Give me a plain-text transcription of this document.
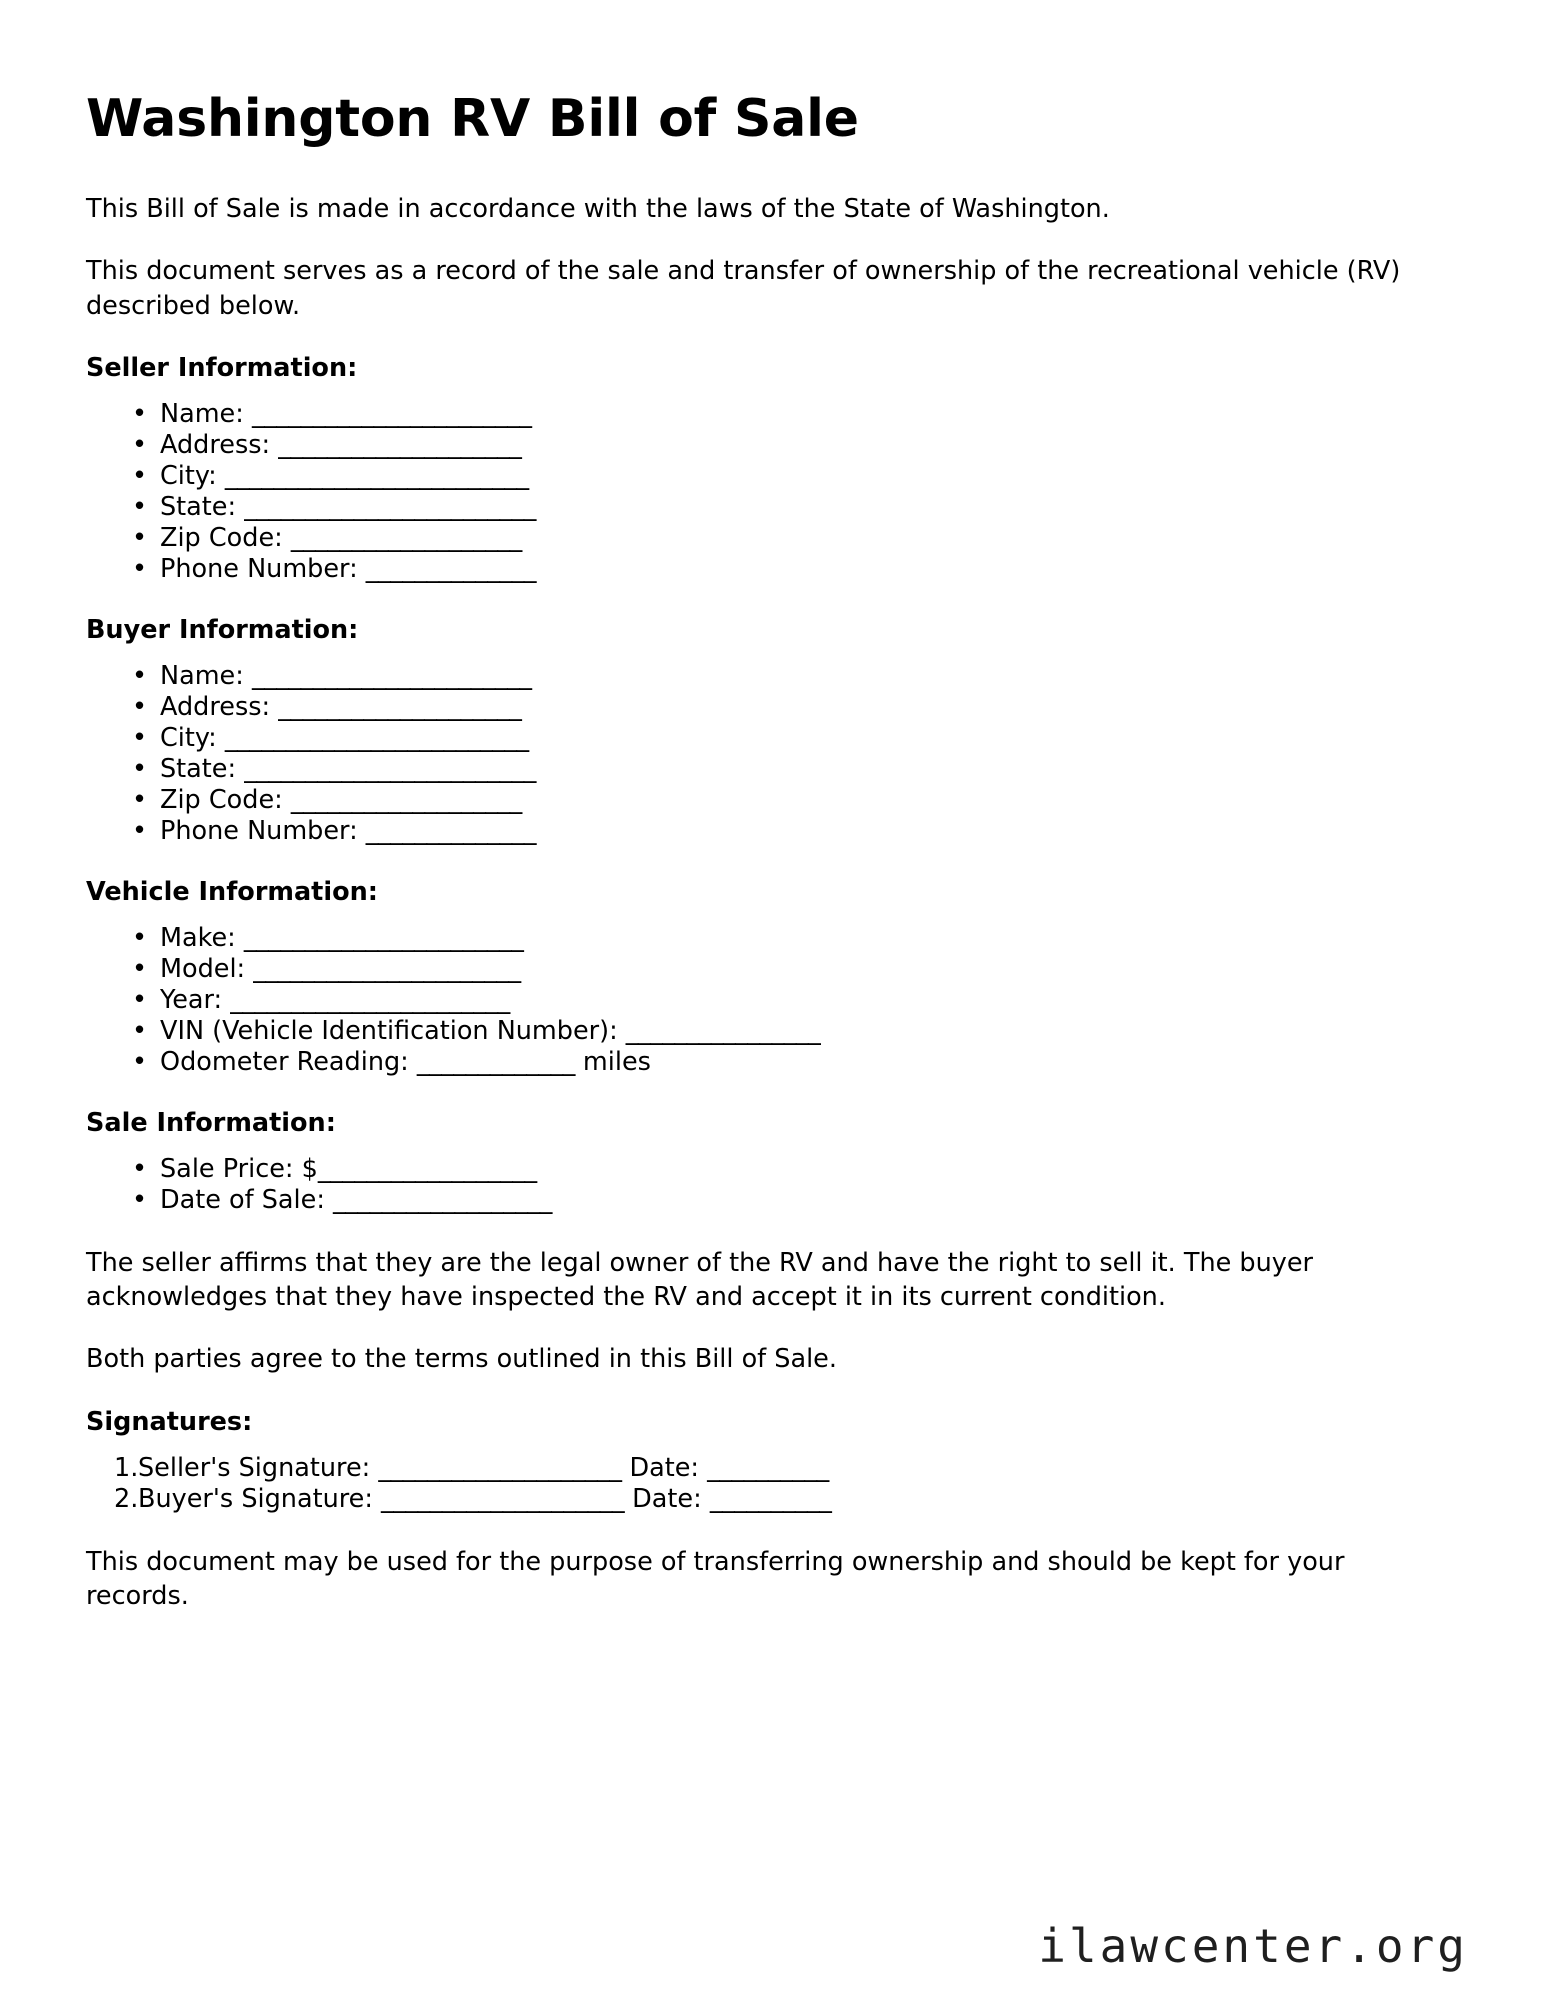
Washington RV Bill of Sale

This Bill of Sale is made in accordance with the laws of the State of Washington.

This document serves as a record of the sale and transfer of ownership of the recreational vehicle (RV) described below.

Seller Information:
• Name: _______________________
• Address: ____________________
• City: _________________________
• State: ________________________
• Zip Code: ___________________
• Phone Number: ______________
Buyer Information:
• Name: _______________________
• Address: ____________________
• City: _________________________
• State: ________________________
• Zip Code: ___________________
• Phone Number: ______________
Vehicle Information:
• Make: _______________________
• Model: ______________________
• Year: _______________________
• VIN (Vehicle Identification Number): ________________
• Odometer Reading: _____________ miles
Sale Information:
• Sale Price: $__________________
• Date of Sale: __________________

The seller affirms that they are the legal owner of the RV and have the right to sell it. The buyer acknowledges that they have inspected the RV and accept it in its current condition.

Both parties agree to the terms outlined in this Bill of Sale.

Signatures:
1. Seller's Signature: ____________________ Date: __________
2. Buyer's Signature: ____________________ Date: __________

This document may be used for the purpose of transferring ownership and should be kept for your records.

ilawcenter.org
